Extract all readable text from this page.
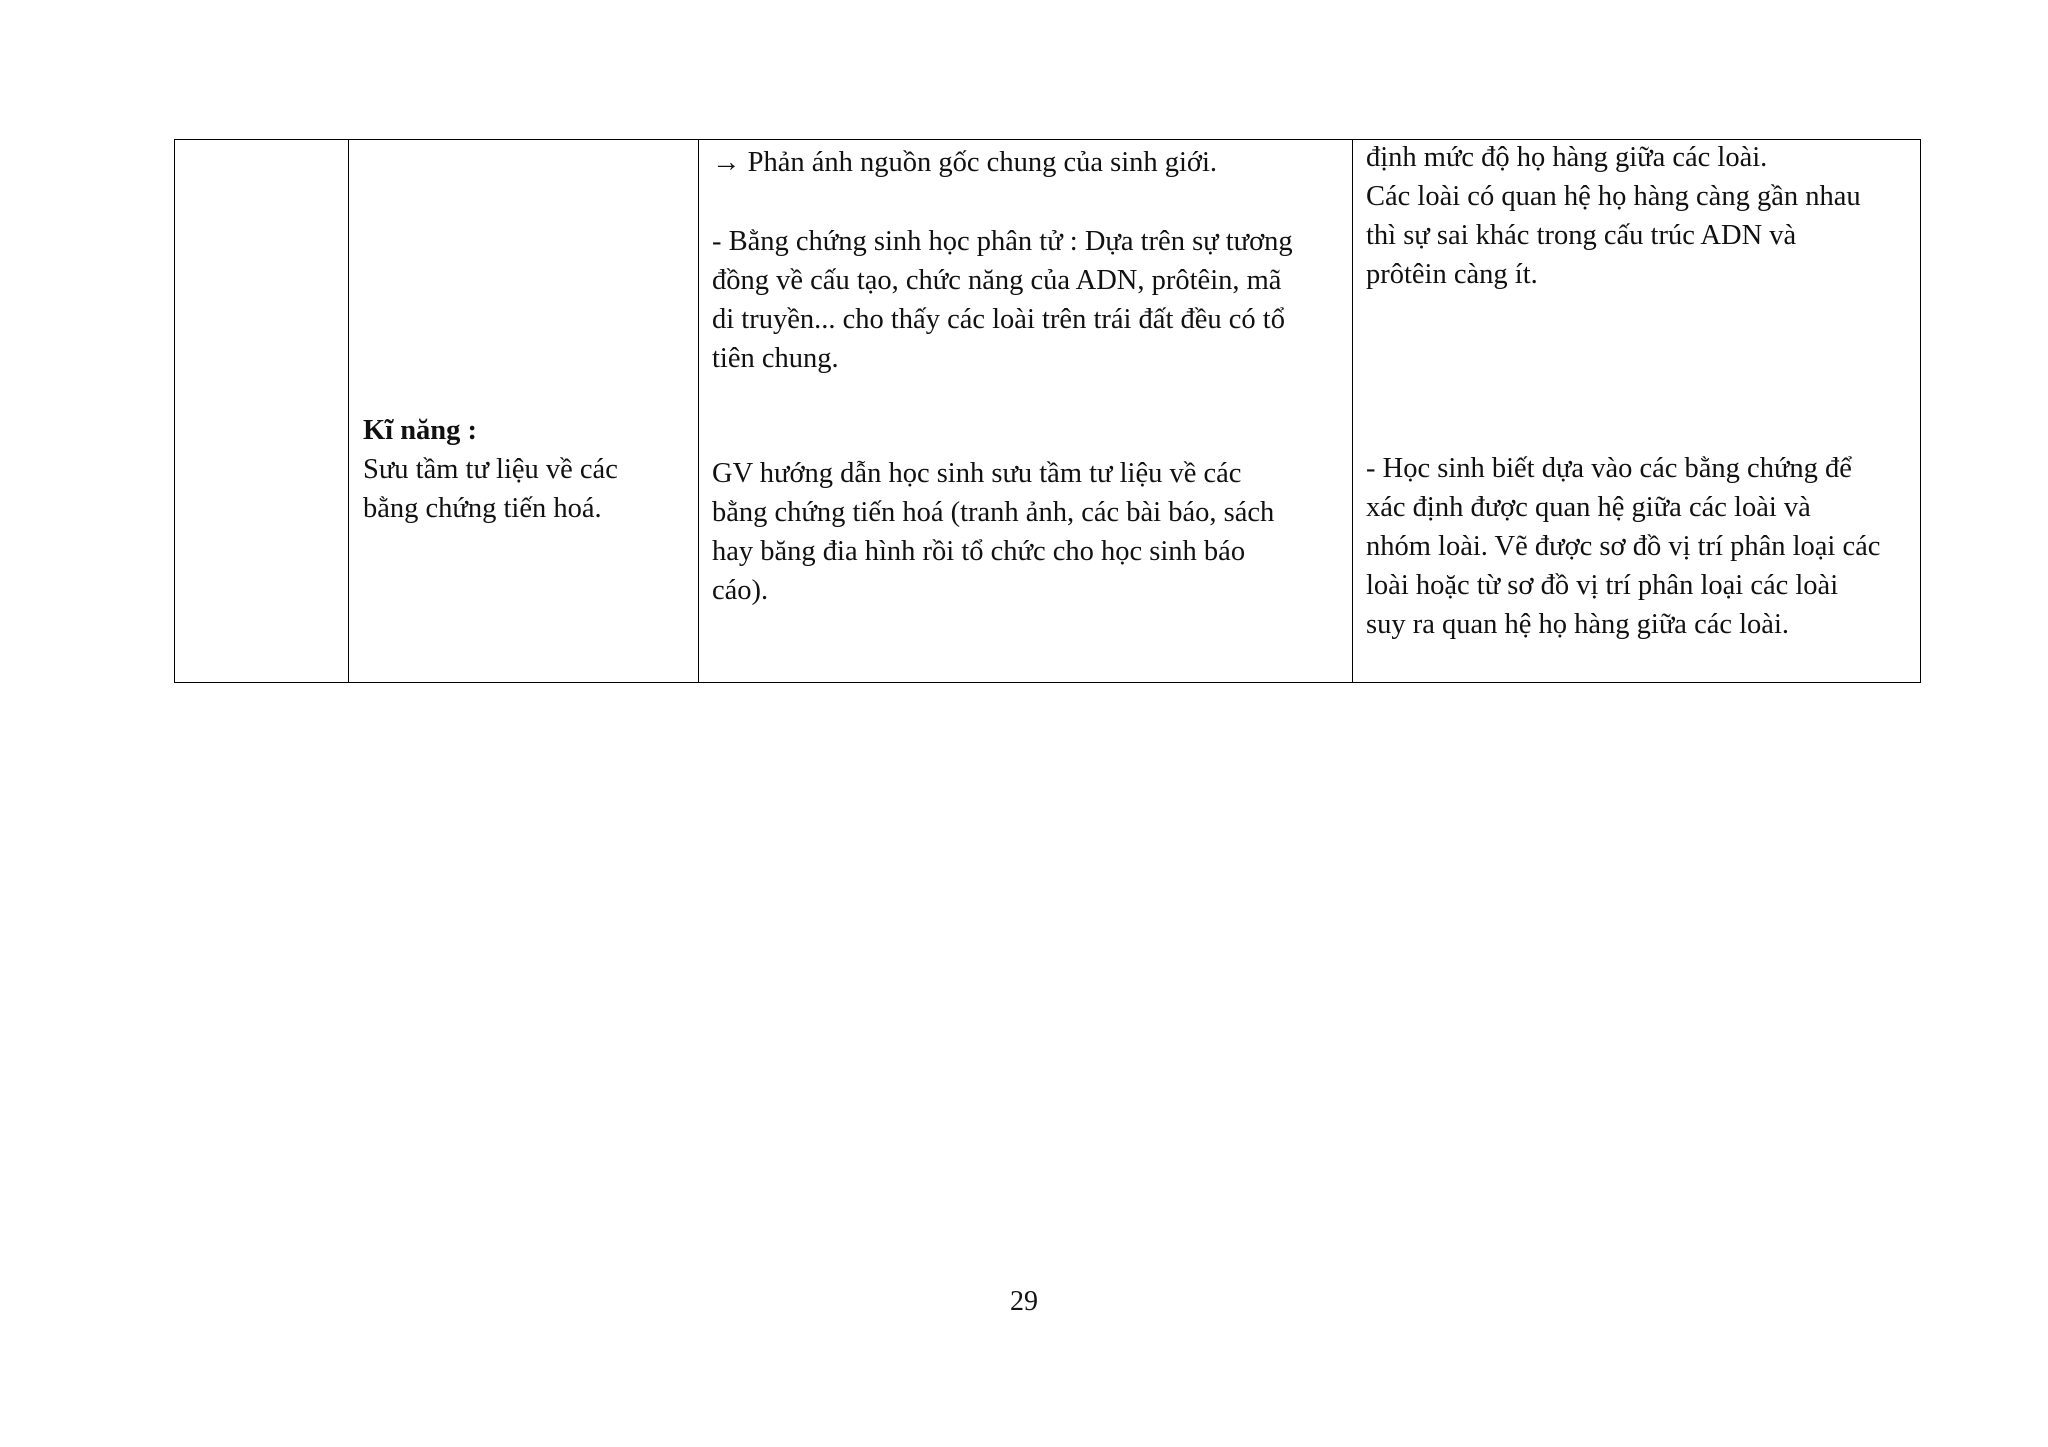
Kĩ năng :

Sưu tầm tư liệu về các

bằng chứng tiến hoá.

→ Phản ánh nguồn gốc chung của sinh giới.

- Bằng chứng sinh học phân tử : Dựa trên sự tương

đồng về cấu tạo, chức năng của ADN, prôtêin, mã

di truyền... cho thấy các loài trên trái đất đều có tổ

tiên chung.

GV hướng dẫn học sinh sưu tầm tư liệu về các

bằng chứng tiến hoá (tranh ảnh, các bài báo, sách

hay băng đia hình rồi tổ chức cho học sinh báo

cáo).

định mức độ họ hàng giữa các loài.

Các loài có quan hệ họ hàng càng gần nhau

thì sự sai khác trong cấu trúc ADN và

prôtêin càng ít.

- Học sinh biết dựa vào các bằng chứng để

xác định được quan hệ giữa các loài và

nhóm loài. Vẽ được sơ đồ vị trí phân loại các

loài hoặc từ sơ đồ vị trí phân loại các loài

suy ra quan hệ họ hàng giữa các loài.

29
